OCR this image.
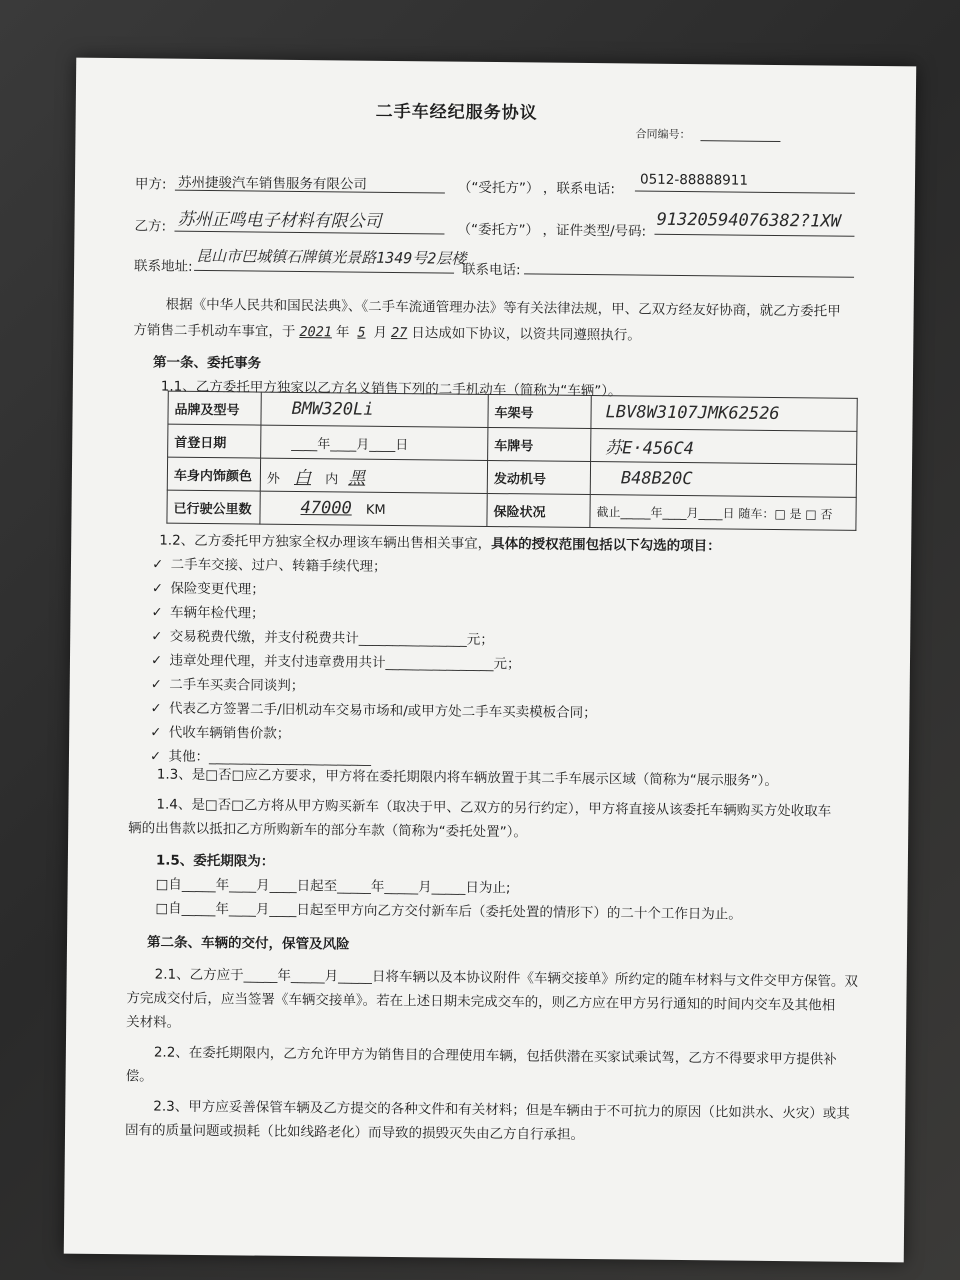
二手车经纪服务协议
合同编号：
甲方: 苏州捷骏汽车销售服务有限公司	（“受托方”） ，联系电话:
0512-88888911
乙方: 苏州正鸣电子材料有限公司	（“委托方”） ，证件类型/号码: 91320594076382?1XW
联系地址: 昆山市巴城镇石牌镇光景路1349号2层楼
联系电话:
根据《中华人民共和国民法典》、《二手车流通管理办法》等有关法律法规，甲、乙双方经友好协商，就乙方委托甲
方销售二手机动车事宜，于 2021 年 5 月 27 日达成如下协议，以资共同遵照执行。
第一条、委托事务
1.1、乙方委托甲方独家以乙方名义销售下列的二手机动车（简称为“车辆”）。
品牌及型号	BMW320Li	车架号	LBV8W3107JMK62526
首登日期	____年____月____日	车牌号	苏E·456C4
车身内饰颜色	外 白 内 黑	发动机号	B48B20C
已行驶公里数	47000 KM	保险状况	截止_____年____月____日 随车：□ 是 □ 否
1.2、乙方委托甲方独家全权办理该车辆出售相关事宜，具体的授权范围包括以下勾选的项目：
✓ 二手车交接、过户、转籍手续代理；
✓ 保险变更代理；
✓ 车辆年检代理；
✓ 交易税费代缴，并支付税费共计________________元；
✓ 违章处理代理，并支付违章费用共计________________元；
✓ 二手车买卖合同谈判；
✓ 代表乙方签署二手/旧机动车交易市场和/或甲方处二手车买卖模板合同；
✓ 代收车辆销售价款；
✓ 其他：________________________
1.3、是□否□应乙方要求，甲方将在委托期限内将车辆放置于其二手车展示区域（简称为“展示服务”）。
1.4、是□否□乙方将从甲方购买新车（取决于甲、乙双方的另行约定），甲方将直接从该委托车辆购买方处收取车
辆的出售款以抵扣乙方所购新车的部分车款（简称为“委托处置”）。
1.5、委托期限为：
□自_____年____月____日起至_____年_____月_____日为止;
□自_____年____月____日起至甲方向乙方交付新车后（委托处置的情形下）的二十个工作日为止。
第二条、车辆的交付，保管及风险
2.1、乙方应于_____年_____月_____日将车辆以及本协议附件《车辆交接单》所约定的随车材料与文件交甲方保管。双
方完成交付后，应当签署《车辆交接单》。若在上述日期未完成交车的，则乙方应在甲方另行通知的时间内交车及其他相
关材料。
2.2、在委托期限内，乙方允许甲方为销售目的合理使用车辆，包括供潜在买家试乘试驾，乙方不得要求甲方提供补
偿。
2.3、甲方应妥善保管车辆及乙方提交的各种文件和有关材料；但是车辆由于不可抗力的原因（比如洪水、火灾）或其
固有的质量问题或损耗（比如线路老化）而导致的损毁灭失由乙方自行承担。
